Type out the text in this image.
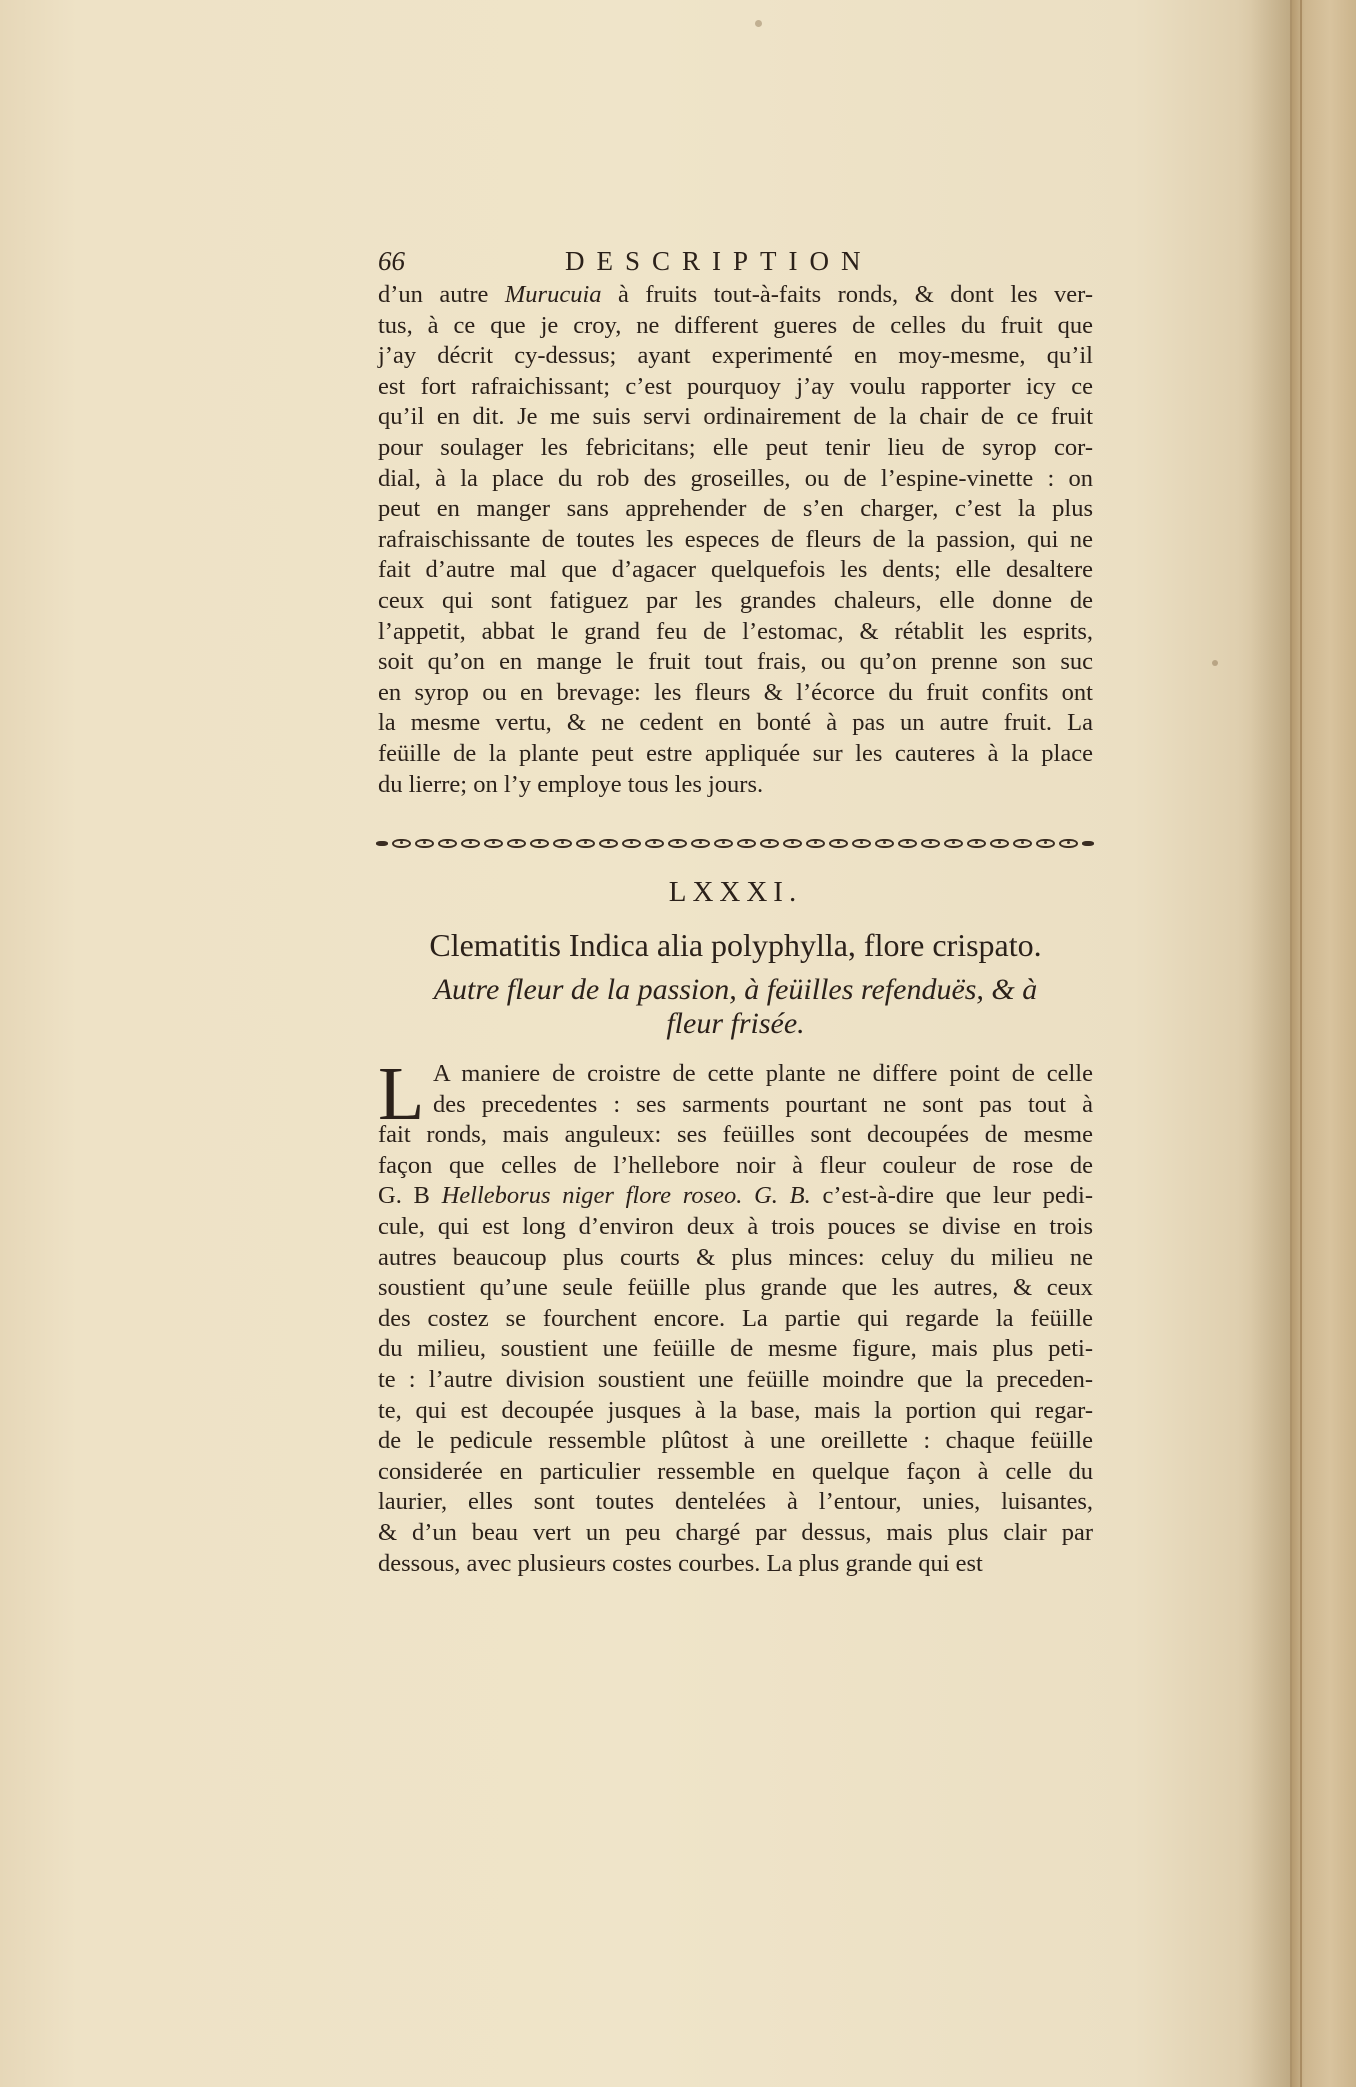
66	DESCRIPTION
d’un autre Murucuia à fruits tout-à-faits ronds, & dont les ver-
tus, à ce que je croy, ne different gueres de celles du fruit que
j’ay décrit cy-dessus; ayant experimenté en moy-mesme, qu’il
est fort rafraichissant; c’est pourquoy j’ay voulu rapporter icy ce
qu’il en dit. Je me suis servi ordinairement de la chair de ce fruit
pour soulager les febricitans; elle peut tenir lieu de syrop cor-
dial, à la place du rob des groseilles, ou de l’espine-vinette : on
peut en manger sans apprehender de s’en charger, c’est la plus
rafraischissante de toutes les especes de fleurs de la passion, qui ne
fait d’autre mal que d’agacer quelquefois les dents; elle desaltere
ceux qui sont fatiguez par les grandes chaleurs, elle donne de
l’appetit, abbat le grand feu de l’estomac, & rétablit les esprits,
soit qu’on en mange le fruit tout frais, ou qu’on prenne son suc
en syrop ou en brevage: les fleurs & l’écorce du fruit confits ont
la mesme vertu, & ne cedent en bonté à pas un autre fruit. La
feüille de la plante peut estre appliquée sur les cauteres à la place
du lierre; on l’y employe tous les jours.
LXXXI.
Clematitis Indica alia polyphylla, flore crispato.
Autre fleur de la passion, à feüilles refenduës, & à
fleur frisée.
L A maniere de croistre de cette plante ne differe point de celle
des precedentes : ses sarments pourtant ne sont pas tout à
fait ronds, mais anguleux: ses feüilles sont decoupées de mesme
façon que celles de l’hellebore noir à fleur couleur de rose de
G. B Helleborus niger flore roseo. G. B. c’est-à-dire que leur pedi-
cule, qui est long d’environ deux à trois pouces se divise en trois
autres beaucoup plus courts & plus minces: celuy du milieu ne
soustient qu’une seule feüille plus grande que les autres, & ceux
des costez se fourchent encore. La partie qui regarde la feüille
du milieu, soustient une feüille de mesme figure, mais plus peti-
te : l’autre division soustient une feüille moindre que la preceden-
te, qui est decoupée jusques à la base, mais la portion qui regar-
de le pedicule ressemble plûtost à une oreillette : chaque feüille
considerée en particulier ressemble en quelque façon à celle du
laurier, elles sont toutes dentelées à l’entour, unies, luisantes,
& d’un beau vert un peu chargé par dessus, mais plus clair par
dessous, avec plusieurs costes courbes. La plus grande qui est
